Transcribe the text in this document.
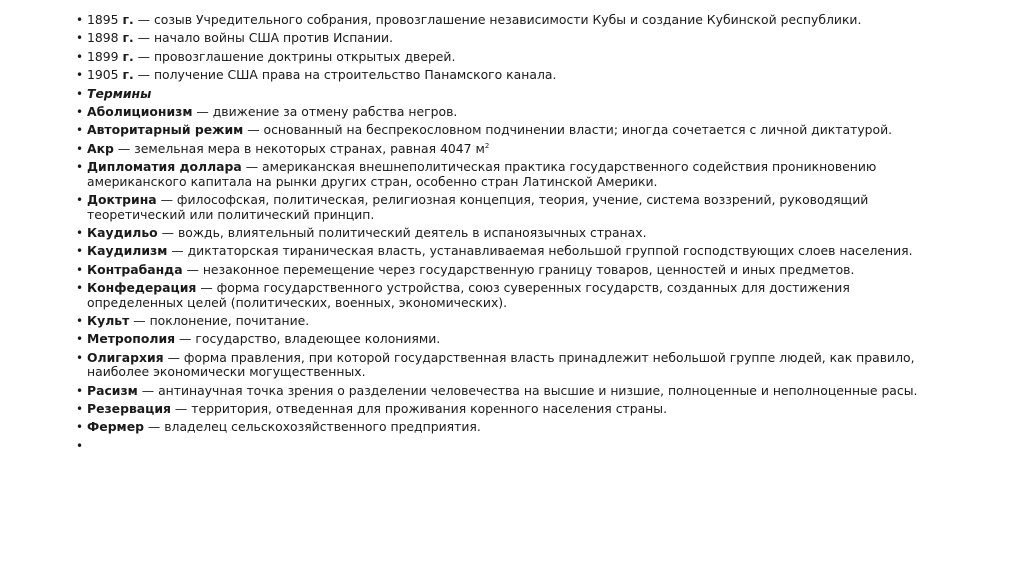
• 1895 г. — созыв Учредительного собрания, провозглашение независимости Кубы и создание Кубинской республики.
• 1898 г. — начало войны США против Испании.
• 1899 г. — провозглашение доктрины открытых дверей.
• 1905 г. — получение США права на строительство Панамского канала.
• Термины
• Аболиционизм — движение за отмену рабства негров.
• Авторитарный режим — основанный на беспрекословном подчинении власти; иногда сочетается с личной диктатурой.
• Акр — земельная мера в некоторых странах, равная 4047 $м^2$
• Дипломатия доллара — американская внешнеполитическая практика государственного содействия проникновению американского капитала на рынки других стран, особенно стран Латинской Америки.
• Доктрина — философская, политическая, религиозная концепция, теория, учение, система воззрений, руководящий теоретический или политический принцип.
• Каудильо — вождь, влиятельный политический деятель в испаноязычных странах.
• Каудилизм — диктаторская тираническая власть, устанавливаемая небольшой группой господствующих слоев населения.
• Контрабанда — незаконное перемещение через государственную границу товаров, ценностей и иных предметов.
• Конфедерация — форма государственного устройства, союз суверенных государств, созданных для достижения определенных целей (политических, военных, экономических).
• Культ — поклонение, почитание.
• Метрополия — государство, владеющее колониями.
• Олигархия — форма правления, при которой государственная власть принадлежит небольшой группе людей, как правило, наиболее экономически могущественных.
• Расизм — антинаучная точка зрения о разделении человечества на высшие и низшие, полноценные и неполноценные расы.
• Резервация — территория, отведенная для проживания коренного населения страны.
• Фермер — владелец сельскохозяйственного предприятия.
•
